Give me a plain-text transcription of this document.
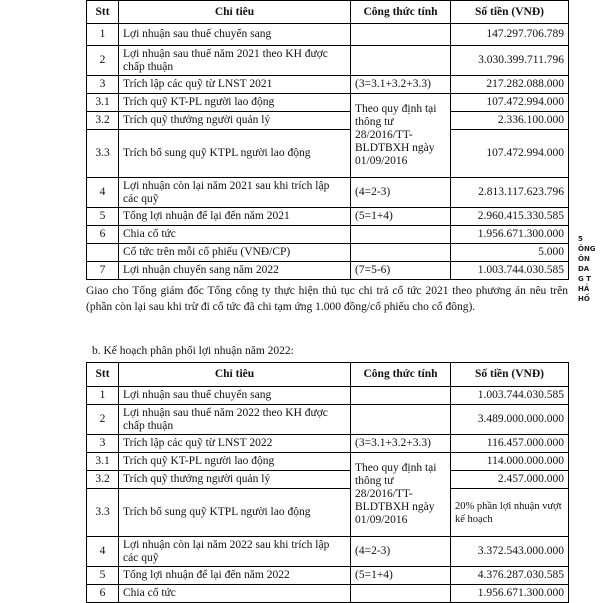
Stt	Chỉ tiêu	Công thức tính	Số tiền (VNĐ)
1	Lợi nhuận sau thuế chuyển sang		147.297.706.789
2	Lợi nhuận sau thuế năm 2021 theo KH được chấp thuận		3.030.399.711.796
3	Trích lập các quỹ từ LNST 2021	(3=3.1+3.2+3.3)	217.282.088.000
3.1	Trích quỹ KT-PL người lao động	Theo quy định tại thông tư 28/2016/TT-BLDTBXH ngày 01/09/2016	107.472.994.000
3.2	Trích quỹ thưởng người quản lý		2.336.100.000
3.3	Trích bổ sung quỹ KTPL người lao động		107.472.994.000
4	Lợi nhuận còn lại năm 2021 sau khi trích lập các quỹ	(4=2-3)	2.813.117.623.796
5	Tổng lợi nhuận để lại đến năm 2021	(5=1+4)	2.960.415.330.585
6	Chia cổ tức		1.956.671.300.000
	Cổ tức trên mỗi cổ phiếu (VNĐ/CP)		5.000
7	Lợi nhuận chuyển sang năm 2022	(7=5-6)	1.003.744.030.585

Giao cho Tổng giám đốc Tổng công ty thực hiện thủ tục chi trả cổ tức 2021 theo phương án nêu trên (phần còn lại sau khi trừ đi cổ tức đã chi tạm ứng 1.000 đồng/cổ phiếu cho cổ đông).

b. Kế hoạch phân phối lợi nhuận năm 2022:
Stt	Chỉ tiêu	Công thức tính	Số tiền (VNĐ)
1	Lợi nhuận sau thuế chuyển sang		1.003.744.030.585
2	Lợi nhuận sau thuế năm 2022 theo KH được chấp thuận		3.489.000.000.000
3	Trích lập các quỹ từ LNST 2022	(3=3.1+3.2+3.3)	116.457.000.000
3.1	Trích quỹ KT-PL người lao động	Theo quy định tại thông tư 28/2016/TT-BLDTBXH ngày 01/09/2016	114.000.000.000
3.2	Trích quỹ thưởng người quản lý		2.457.000.000
3.3	Trích bổ sung quỹ KTPL người lao động		20% phần lợi nhuận vượt kế hoạch
4	Lợi nhuận còn lại năm 2022 sau khi trích lập các quỹ	(4=2-3)	3.372.543.000.000
5	Tổng lợi nhuận để lại đến năm 2022	(5=1+4)	4.376.287.030.585
6	Chia cổ tức		1.956.671.300.000
5
ÔNG
ÔN
DA
G T
HẢ
HỐ
